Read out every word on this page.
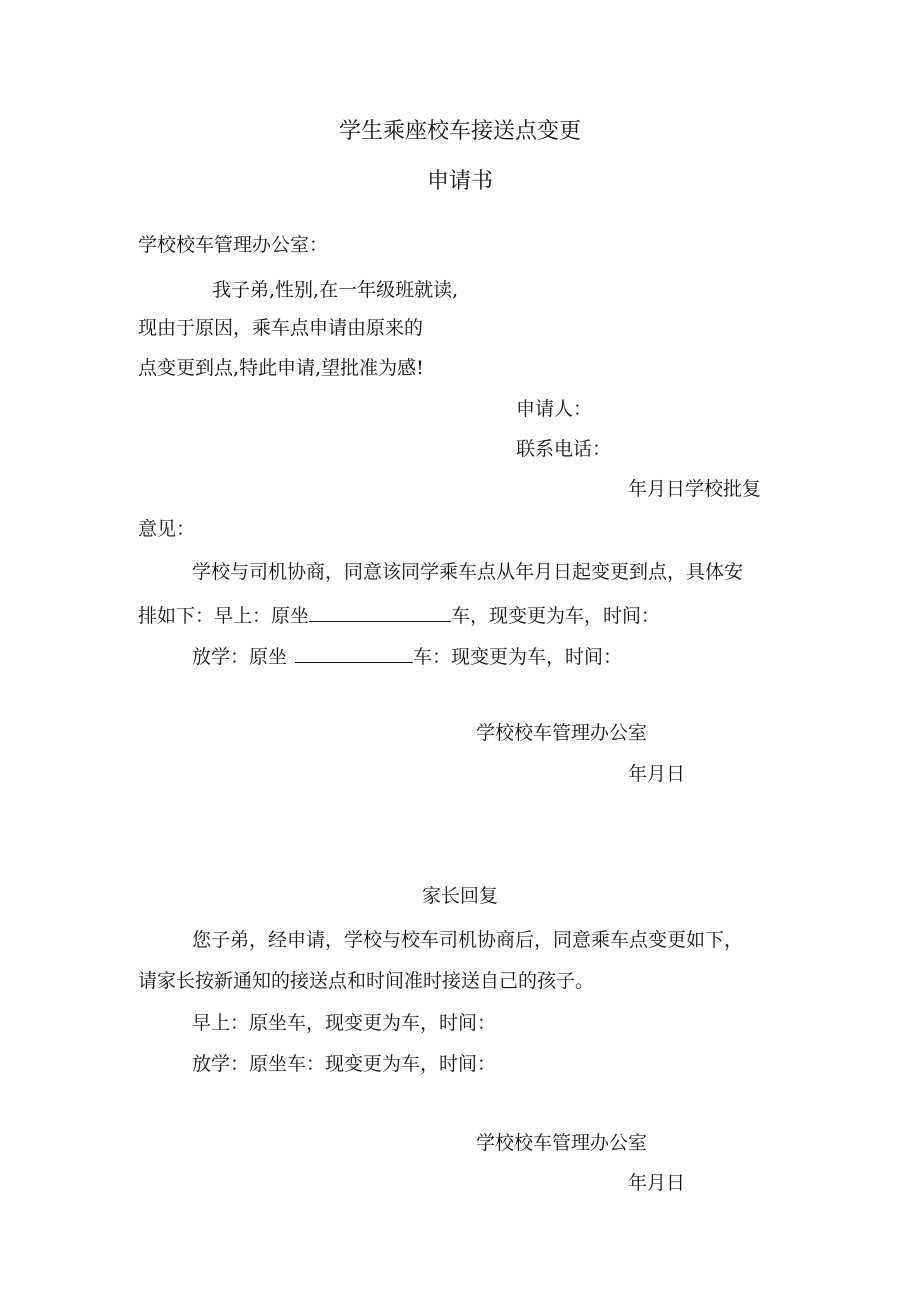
学生乘座校车接送点变更

申请书

学校校车管理办公室：

我子弟,性别,在一年级班就读,

现由于原因，乘车点申请由原来的

点变更到点,特此申请,望批准为感!

申请人：

联系电话：

年月日学校批复

意见：

学校与司机协商，同意该同学乘车点从年月日起变更到点，具体安

排如下：早上：原坐	车，现变更为车，时间：

放学：原坐	车：现变更为车，时间：

学校校车管理办公室

年月日

家长回复

您子弟，经申请，学校与校车司机协商后，同意乘车点变更如下，

请家长按新通知的接送点和时间准时接送自己的孩子。

早上：原坐车，现变更为车，时间：

放学：原坐车：现变更为车，时间：

学校校车管理办公室

年月日
